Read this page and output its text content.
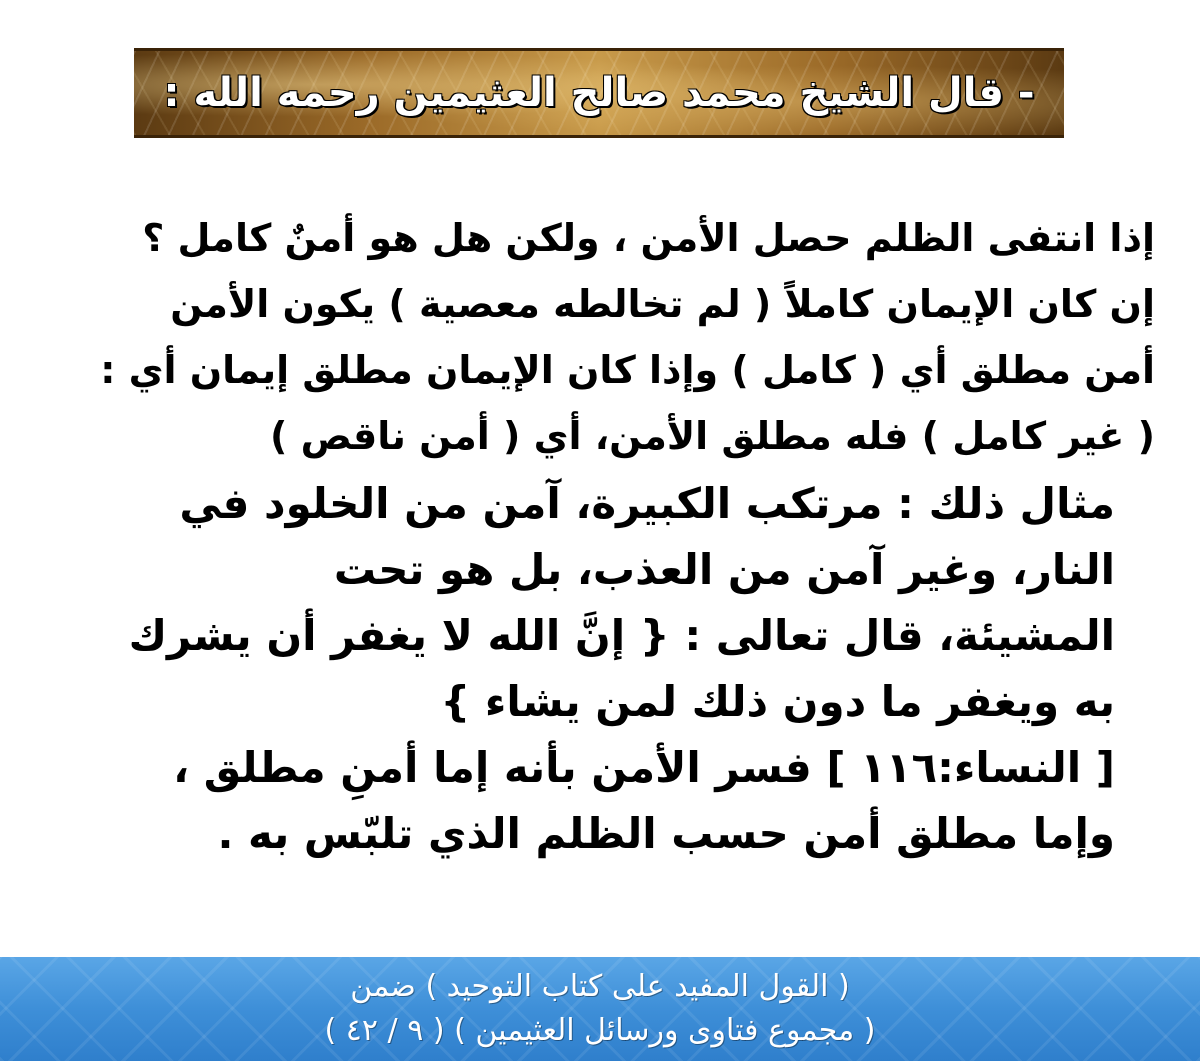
- قال الشيخ محمد صالح العثيمين رحمه الله :
إذا انتفى الظلم حصل الأمن ، ولكن هل هو أمنٌ كامل ؟
إن كان الإيمان كاملاً ( لم تخالطه معصية ) يكون الأمن
أمن مطلق أي ( كامل ) وإذا كان الإيمان مطلق إيمان أي :
( غير كامل ) فله مطلق الأمن، أي ( أمن ناقص )
مثال ذلك : مرتكب الكبيرة، آمن من الخلود في
النار، وغير آمن من العذب، بل هو تحت
المشيئة، قال تعالى : { إنَّ الله لا يغفر أن يشرك
به ويغفر ما دون ذلك لمن يشاء }
[ النساء:١١٦ ] فسر الأمن بأنه إما أمنِ مطلق ،
وإما مطلق أمن حسب الظلم الذي تلبّس به .
( القول المفيد على كتاب التوحيد ) ضمن
( مجموع فتاوى ورسائل العثيمين ) ( ٩ / ٤٢ )
